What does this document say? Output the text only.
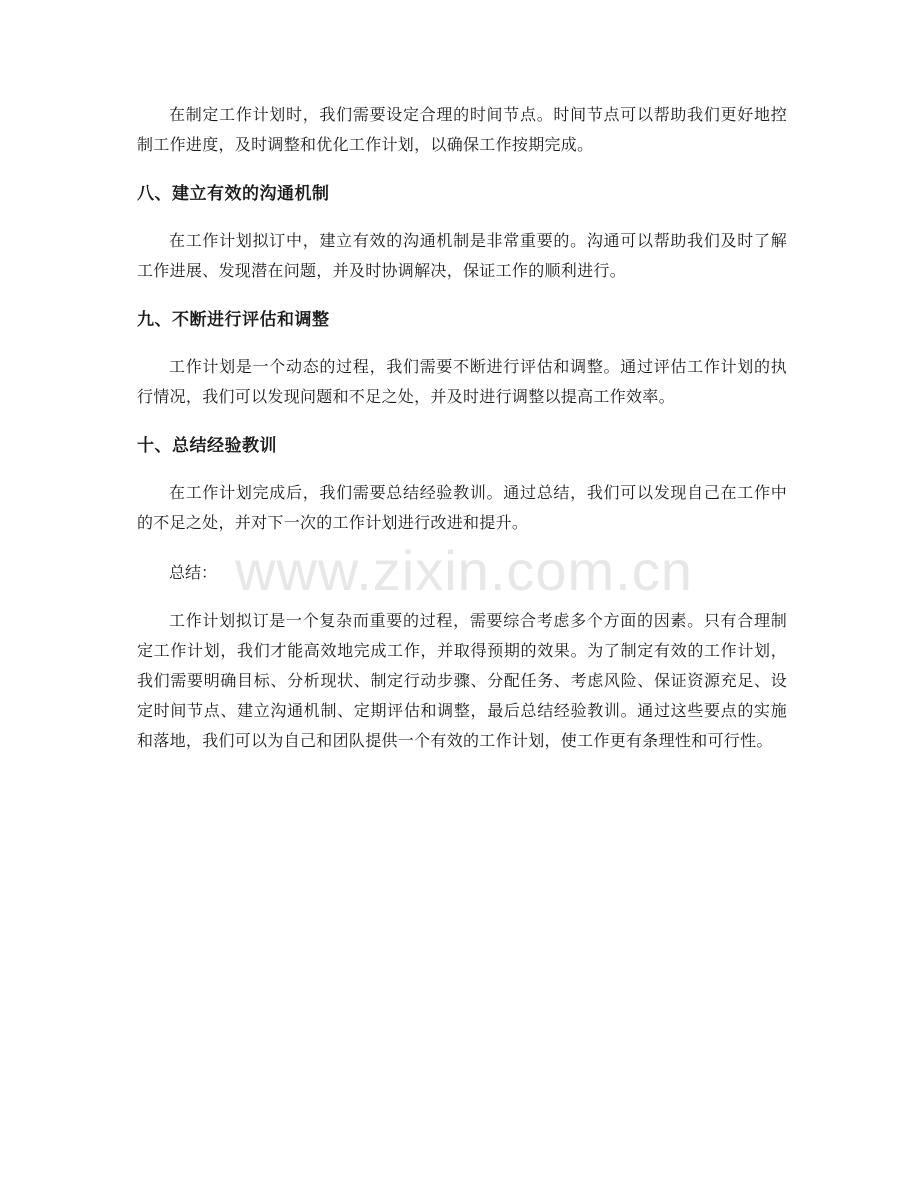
在制定工作计划时，我们需要设定合理的时间节点。时间节点可以帮助我们更好地控制工作进度，及时调整和优化工作计划，以确保工作按期完成。

八、建立有效的沟通机制

在工作计划拟订中，建立有效的沟通机制是非常重要的。沟通可以帮助我们及时了解工作进展、发现潜在问题，并及时协调解决，保证工作的顺利进行。

九、不断进行评估和调整

工作计划是一个动态的过程，我们需要不断进行评估和调整。通过评估工作计划的执行情况，我们可以发现问题和不足之处，并及时进行调整以提高工作效率。

十、总结经验教训

在工作计划完成后，我们需要总结经验教训。通过总结，我们可以发现自己在工作中的不足之处，并对下一次的工作计划进行改进和提升。

总结：

工作计划拟订是一个复杂而重要的过程，需要综合考虑多个方面的因素。只有合理制定工作计划，我们才能高效地完成工作，并取得预期的效果。为了制定有效的工作计划，我们需要明确目标、分析现状、制定行动步骤、分配任务、考虑风险、保证资源充足、设定时间节点、建立沟通机制、定期评估和调整，最后总结经验教训。通过这些要点的实施和落地，我们可以为自己和团队提供一个有效的工作计划，使工作更有条理性和可行性。

www.zixin.com.cn
